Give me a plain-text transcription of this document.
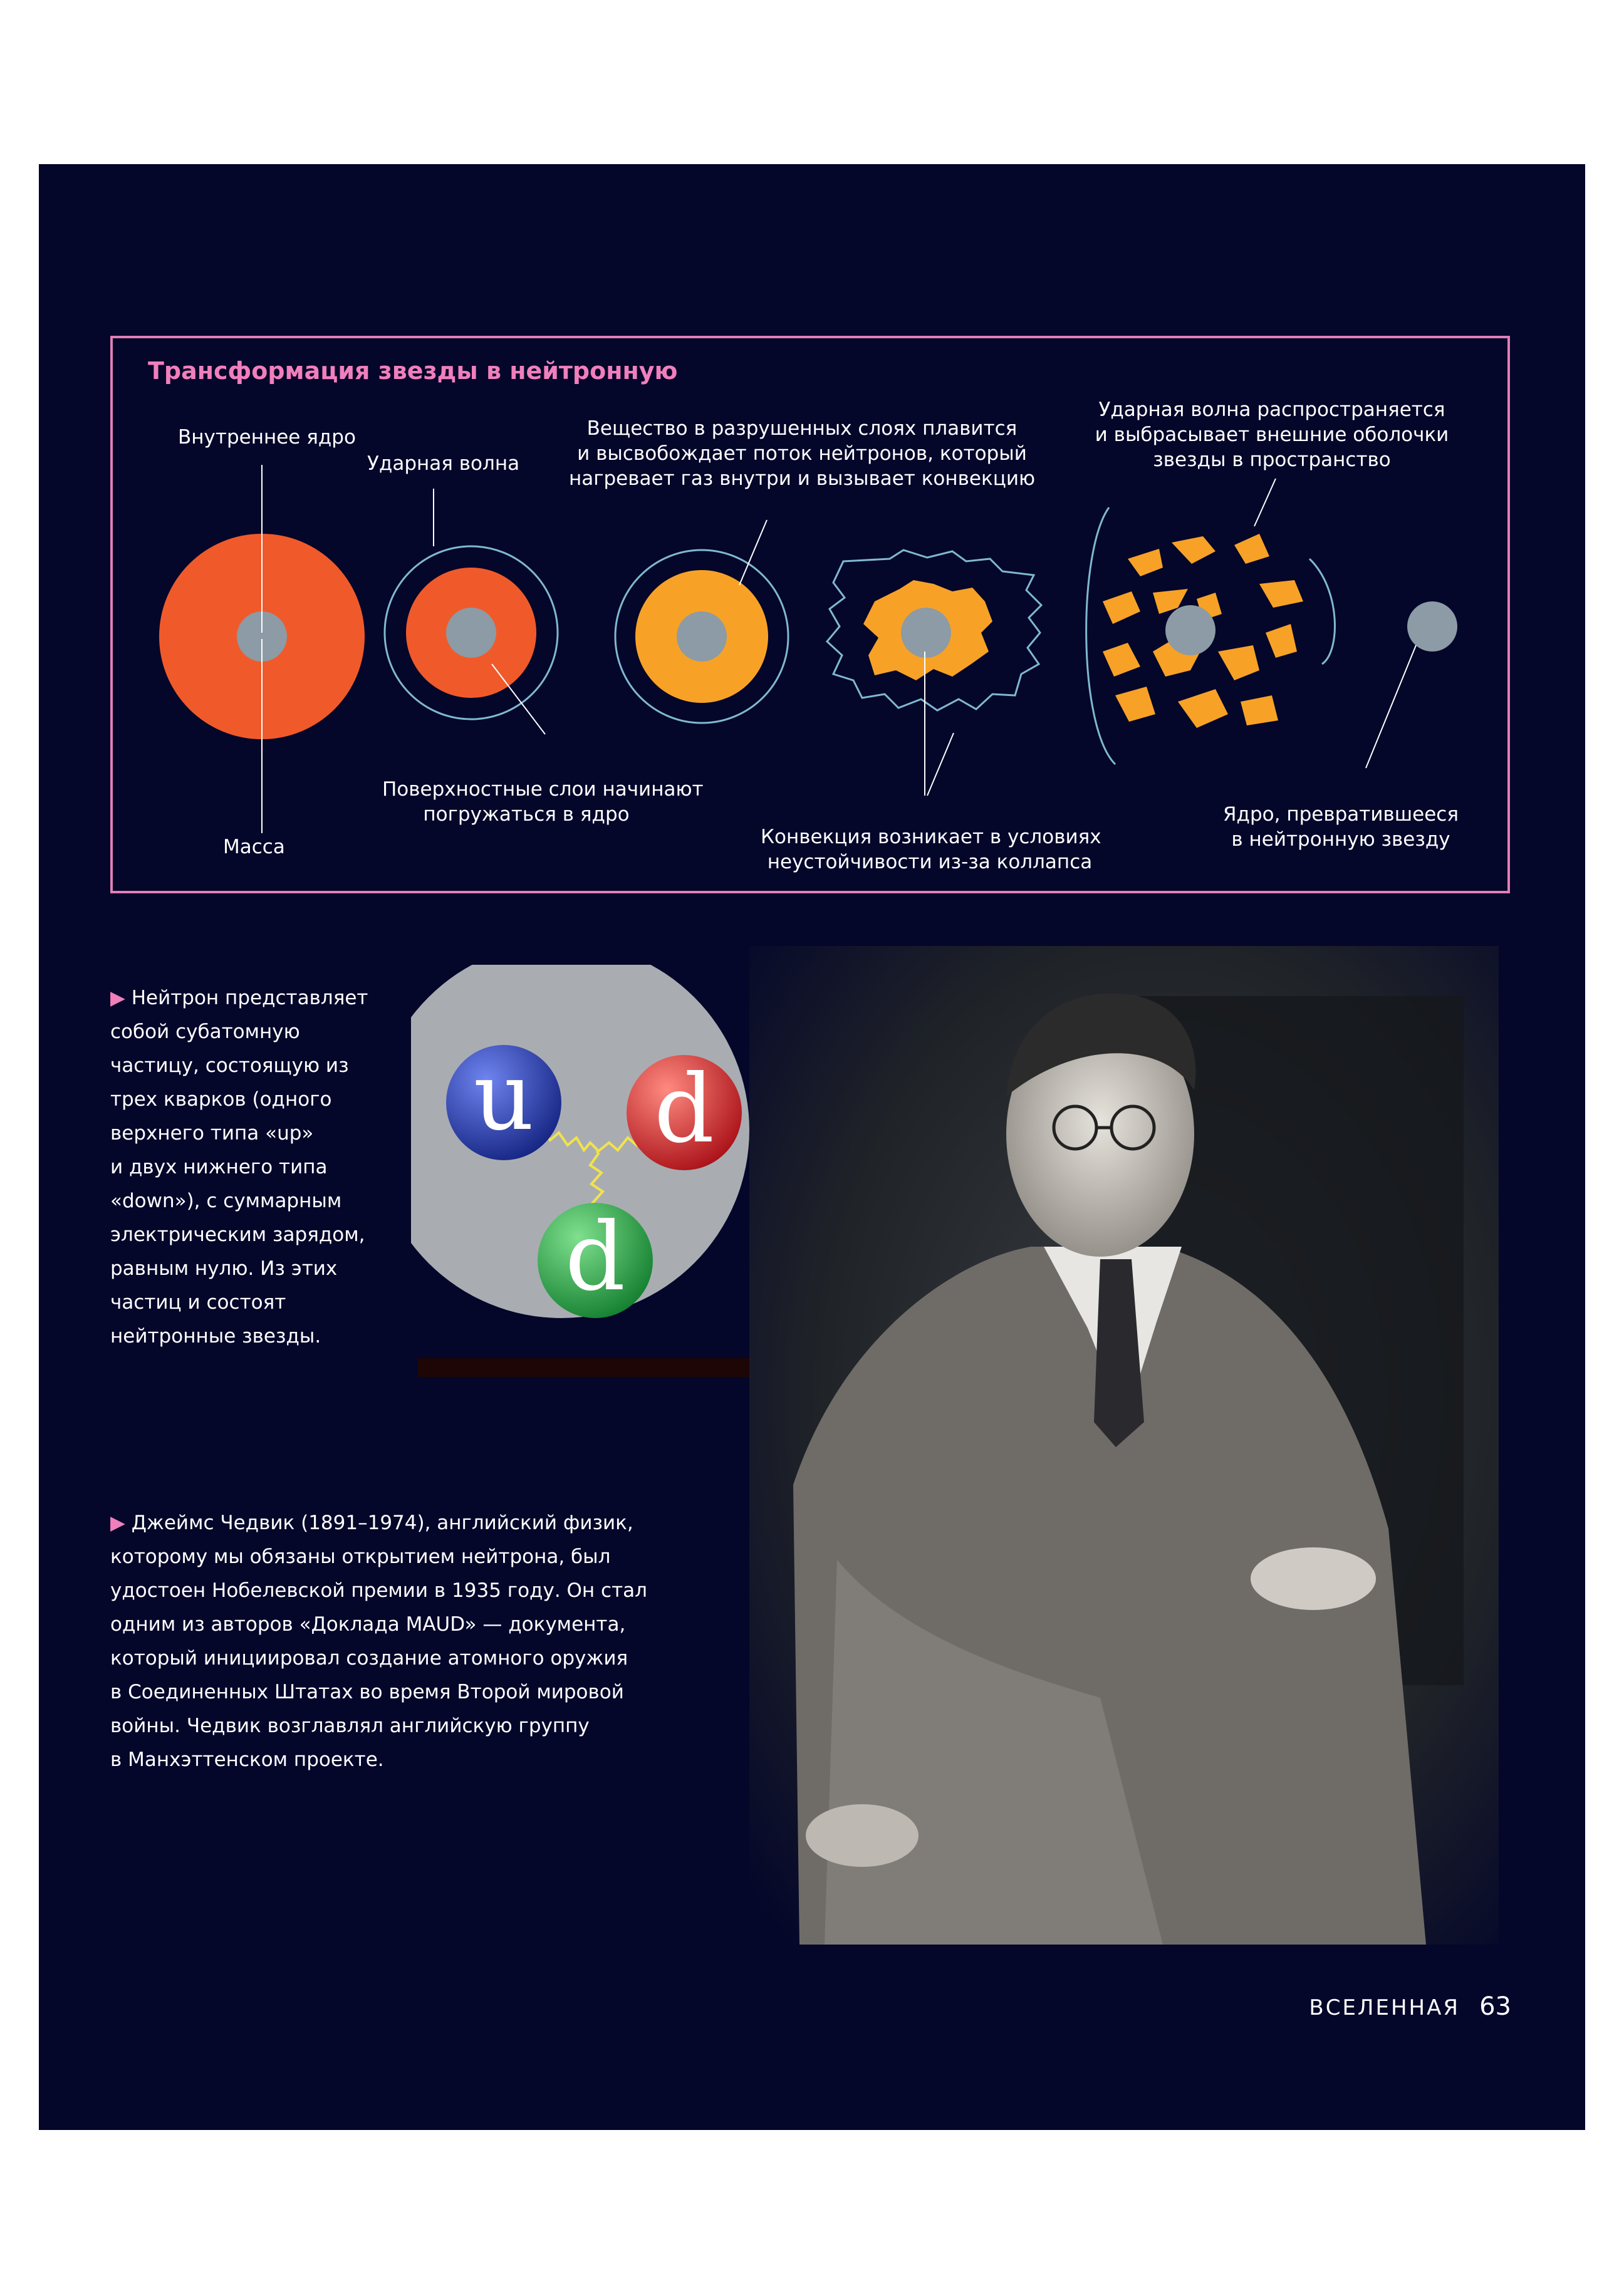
Трансформация звезды в нейтронную
Внутреннее ядро
Ударная волна
Масса
Поверхностные слои начинают
погружаться в ядро
Вещество в разрушенных слоях плавится
и высвобождает поток нейтронов, который
нагревает газ внутри и вызывает конвекцию
Конвекция возникает в условиях
неустойчивости из-за коллапса
Ударная волна распространяется
и выбрасывает внешние оболочки
звезды в пространство
Ядро, превратившееся
в нейтронную звезду
▶ Нейтрон представляет
собой субатомную
частицу, состоящую из
трех кварков (одного
верхнего типа «up»
и двух нижнего типа
«down»), с суммарным
электрическим зарядом,
равным нулю. Из этих
частиц и состоят
нейтронные звезды.
u d
d
▶ Джеймс Чедвик (1891–1974), английский физик,
которому мы обязаны открытием нейтрона, был
удостоен Нобелевской премии в 1935 году. Он стал
одним из авторов «Доклада MAUD» — документа,
который инициировал создание атомного оружия
в Соединенных Штатах во время Второй мировой
войны. Чедвик возглавлял английскую группу
в Манхэттенском проекте.
ВСЕЛЕННАЯ 63
